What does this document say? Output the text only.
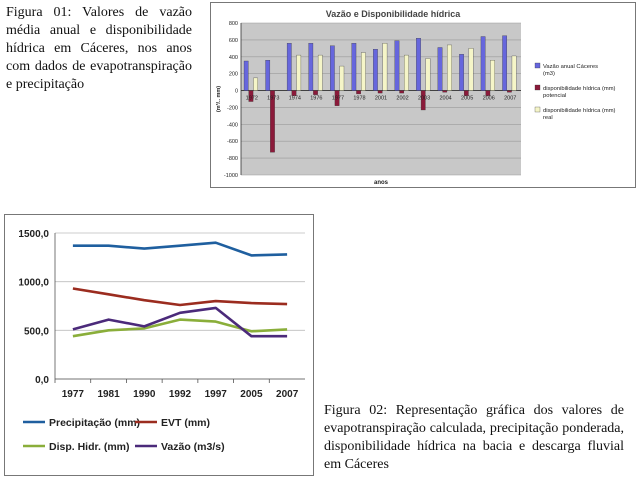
Figura 01: Valores de vazão média anual e disponibilidade hídrica em Cáceres, nos anos com dados de evapotranspiração e precipitação
Vazão e Disponibilidade hídrica
800
600
400
200
0
-200
-400
-600
-800
-1000
1972 1973 1974 1976 1977 1978 2001 2002 2003 2004 2005 2006 2007
anos
(m³/.. mm)
Vazão anual Cáceres (m3)
disponibilidade hídrica (mm) potencial
disponibilidade hídrica (mm) real
0,0
500,0
1000,0
1500,0
1977 1981 1990 1992 1997 2005 2007
Precipitação (mm) EVT (mm)
Disp. Hidr. (mm)	Vazão (m3/s)
Figura 02: Representação gráfica dos valores de evapotranspiração calculada, precipitação ponderada, disponibilidade hídrica na bacia e descarga fluvial em Cáceres
